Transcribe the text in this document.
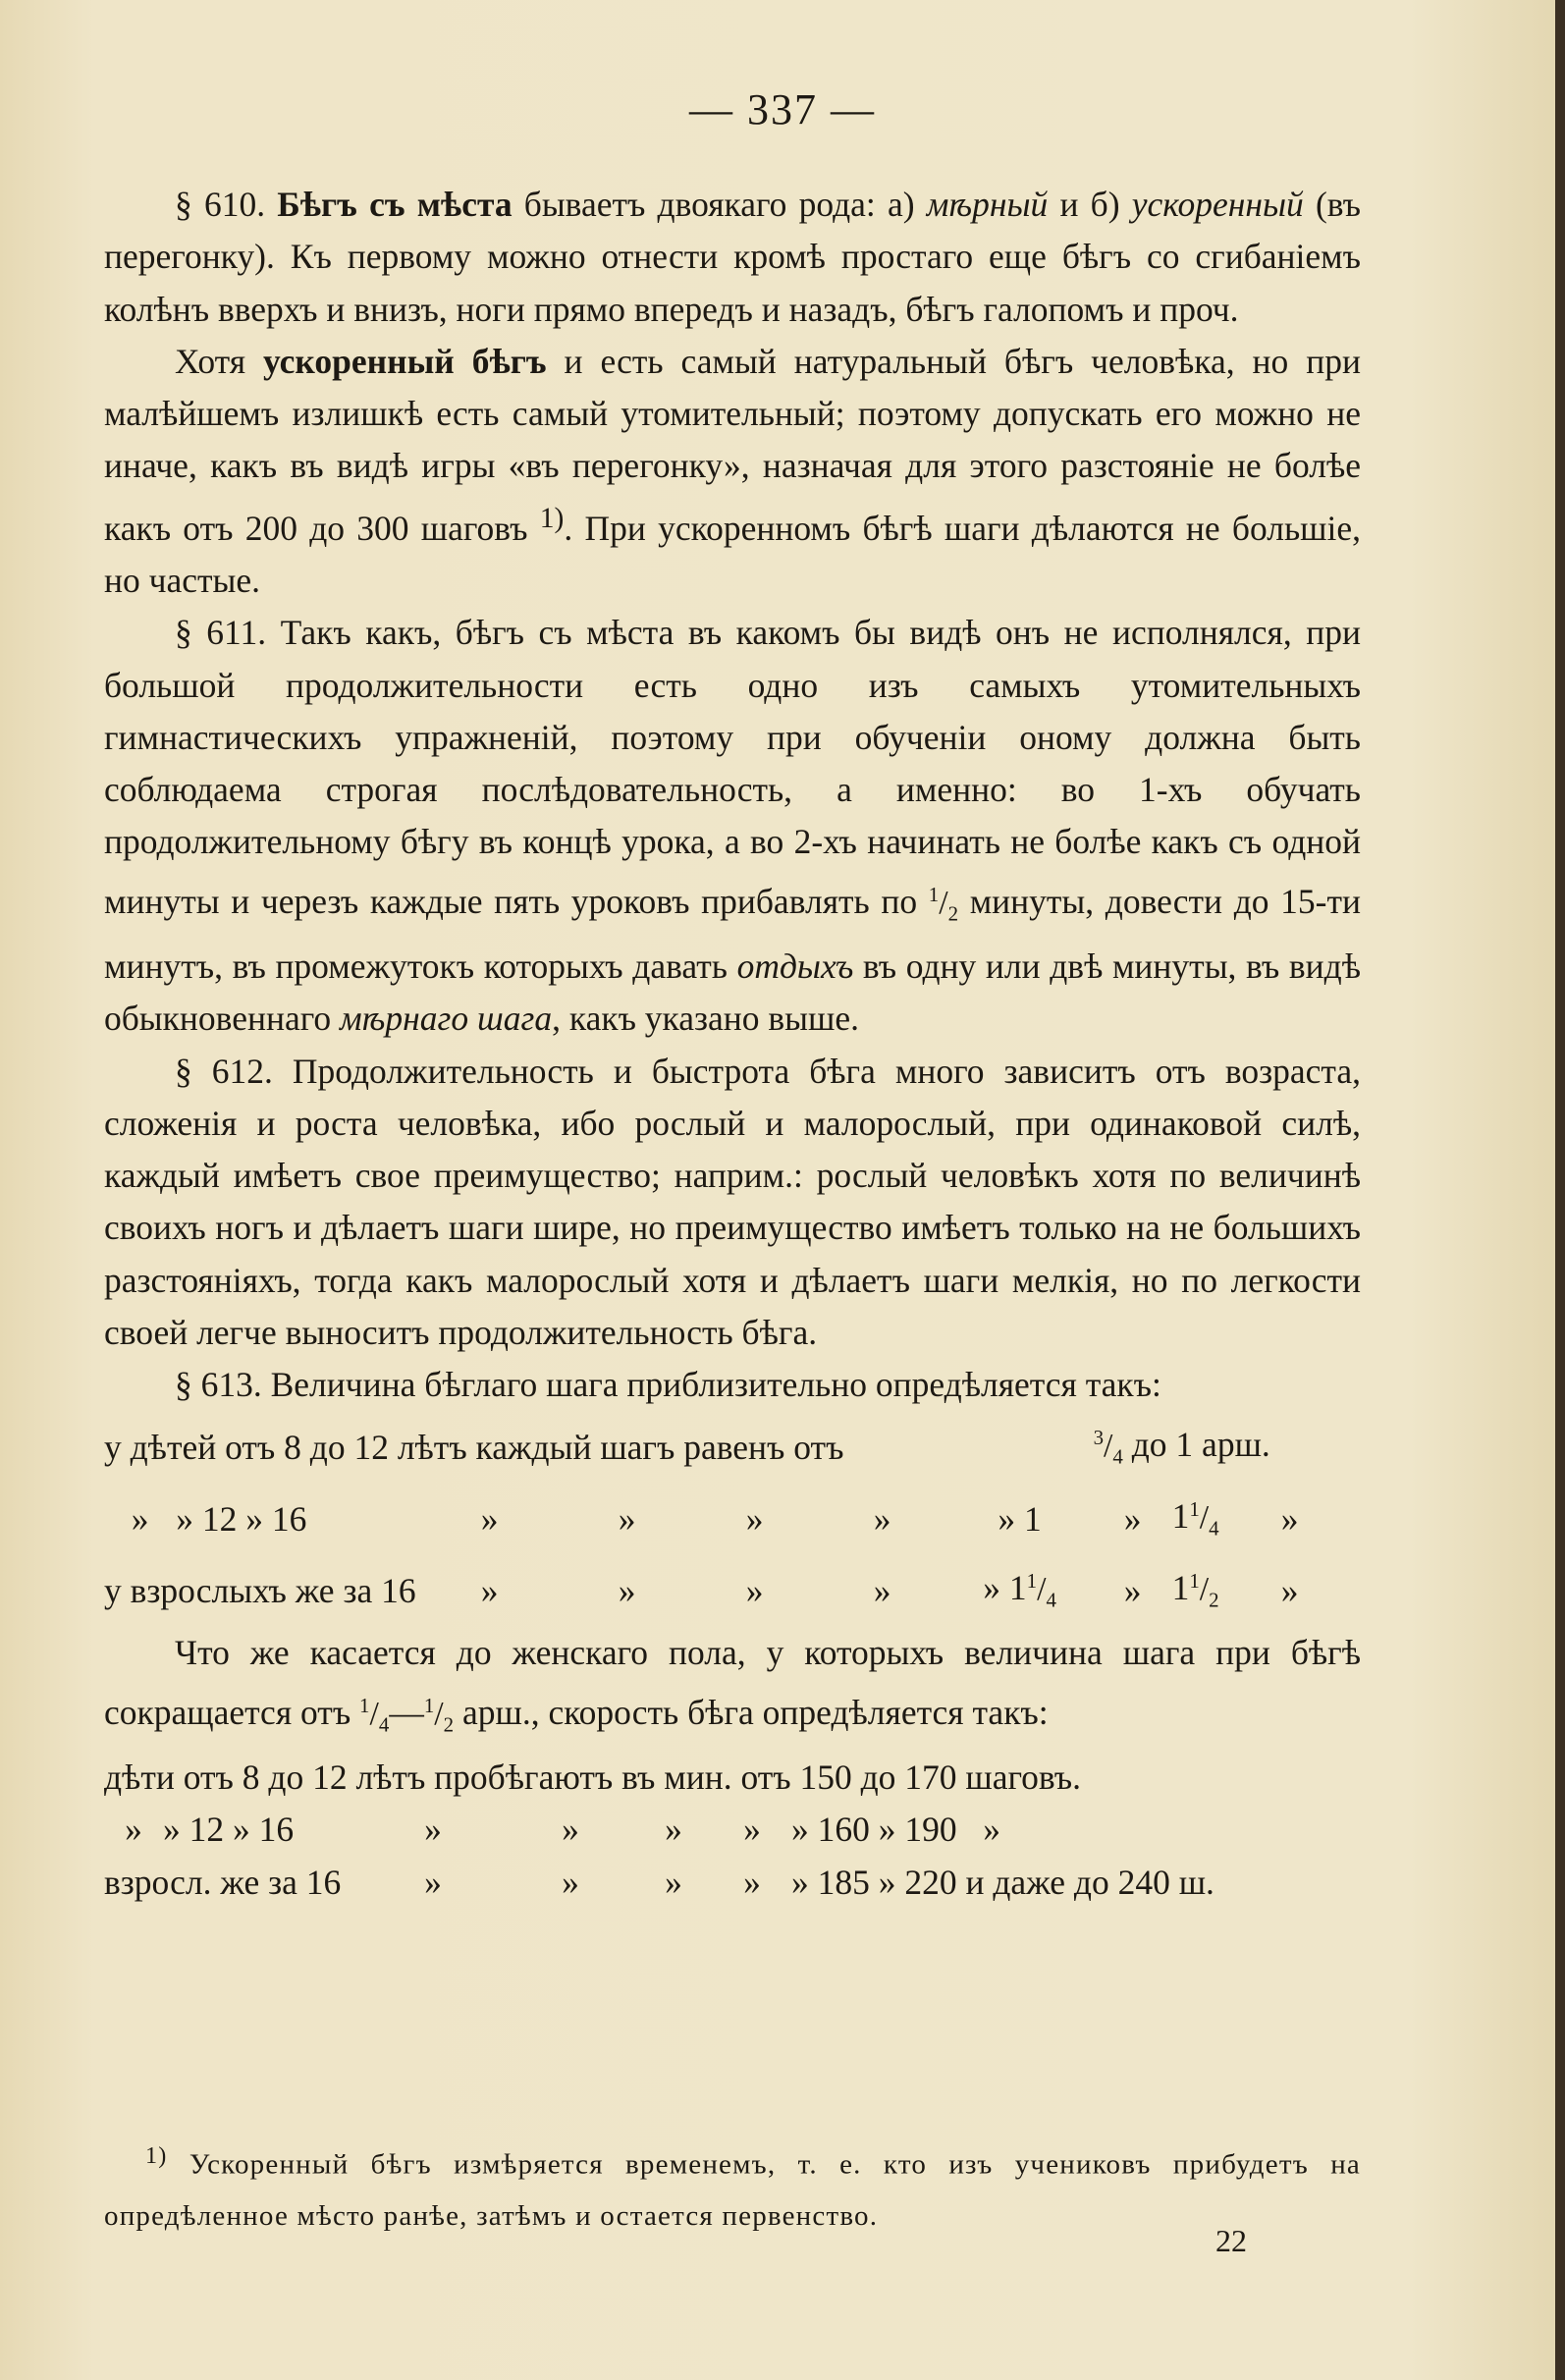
— 337 —

§ 610. Бѣгъ съ мѣста бываетъ двоякаго рода: а) мѣрный и б) ускоренный (въ перегонку). Къ первому можно отнести кромѣ простаго еще бѣгъ со сгибаніемъ колѣнъ вверхъ и внизъ, ноги прямо впередъ и назадъ, бѣгъ галопомъ и проч.

Хотя ускоренный бѣгъ и есть самый натуральный бѣгъ человѣка, но при малѣйшемъ излишкѣ есть самый утомительный; поэтому допускать его можно не иначе, какъ въ видѣ игры «въ перегонку», назначая для этого разстояніе не болѣе какъ отъ 200 до 300 шаговъ $^{1)}$. При ускоренномъ бѣгѣ шаги дѣлаются не большіе, но частые.

§ 611. Такъ какъ, бѣгъ съ мѣста въ какомъ бы видѣ онъ не исполнялся, при большой продолжительности есть одно изъ самыхъ утомительныхъ гимнастическихъ упражненій, поэтому при обученіи оному должна быть соблюдаема строгая послѣдовательность, а именно: во 1-хъ обучать продолжительному бѣгу въ концѣ урока, а во 2-хъ начинать не болѣе какъ съ одной минуты и черезъ каждые пять уроковъ прибавлять по $^1/_2$ минуты, довести до 15-ти минутъ, въ промежутокъ которыхъ давать отдыхъ въ одну или двѣ минуты, въ видѣ обыкновеннаго мѣрнаго шага, какъ указано выше.

§ 612. Продолжительность и быстрота бѣга много зависитъ отъ возраста, сложенія и роста человѣка, ибо рослый и малорослый, при одинаковой силѣ, каждый имѣетъ свое преимущество; наприм.: рослый человѣкъ хотя по величинѣ своихъ ногъ и дѣлаетъ шаги шире, но преимущество имѣетъ только на не большихъ разстояніяхъ, тогда какъ малорослый хотя и дѣлаетъ шаги мелкія, но по легкости своей легче выноситъ продолжительность бѣга.

§ 613. Величина бѣглаго шага приблизительно опредѣляется такъ:

у дѣтей отъ 8 до 12 лѣтъ каждый шагъ равенъ отъ							$^3/_4$ до 1 арш.		
»	» 12 » 16	»	»	»	»	» 1	»	$1^1/_4$	»
у взрослыхъ же за 16		»	»	»	»	» $1^1/_4$	»	$1^1/_2$	»

Что же касается до женскаго пола, у которыхъ величина шага при бѣгѣ сокращается отъ $^1/_4—^1/_2$ арш., скорость бѣга опредѣляется такъ:

дѣти отъ 8 до 12 лѣтъ пробѣгаютъ въ мин. отъ 150 до 170 шаговъ.						
»	» 12 » 16	»	»	»	»	» 160 » 190 »
взросл. же за 16		»	»	»	»	» 185 » 220 и даже до 240 ш.

$^{1)}$ Ускоренный бѣгъ измѣряется временемъ, т. е. кто изъ учениковъ прибудетъ на опредѣленное мѣсто ранѣе, затѣмъ и остается первенство.

22
